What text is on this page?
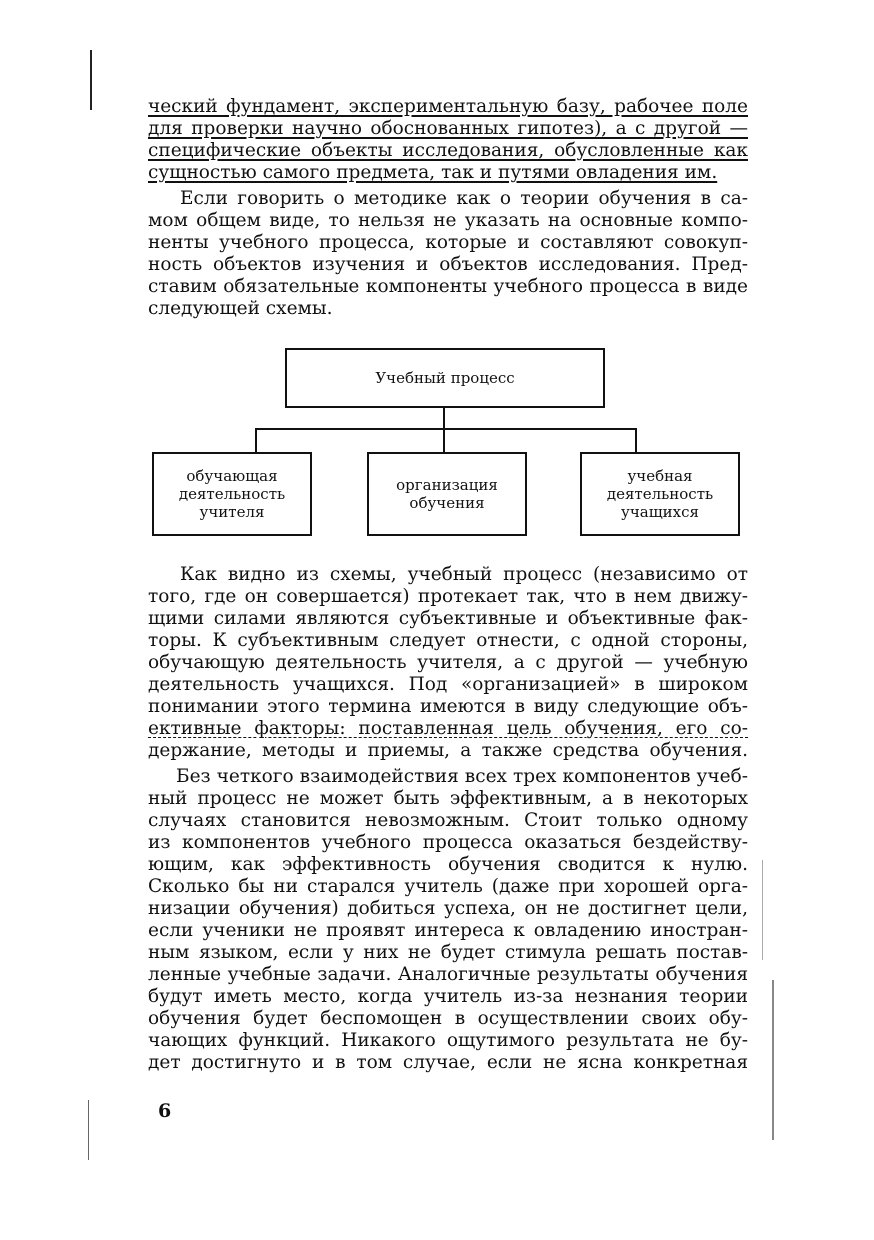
ческий фундамент, экспериментальную базу, рабочее поле
для проверки научно обоснованных гипотез), а с другой —
специфические объекты исследования, обусловленные как
сущностью самого предмета, так и путями овладения им.
Если говорить о методике как о теории обучения в са-
мом общем виде, то нельзя не указать на основные компо-
ненты учебного процесса, которые и составляют совокуп-
ность объектов изучения и объектов исследования. Пред-
ставим обязательные компоненты учебного процесса в виде
следующей схемы.
Учебный процесс
обучающая
деятельность
учителя
организация
обучения
учебная
деятельность
учащихся
Как видно из схемы, учебный процесс (независимо от
того, где он совершается) протекает так, что в нем движу-
щими силами являются субъективные и объективные фак-
торы. К субъективным следует отнести, с одной стороны,
обучающую деятельность учителя, а с другой — учебную
деятельность учащихся. Под «организацией» в широком
понимании этого термина имеются в виду следующие объ-
ективные факторы: поставленная цель обучения, его со-
держание, методы и приемы, а также средства обучения.
Без четкого взаимодействия всех трех компонентов учеб-
ный процесс не может быть эффективным, а в некоторых
случаях становится невозможным. Стоит только одному
из компонентов учебного процесса оказаться бездейству-
ющим, как эффективность обучения сводится к нулю.
Сколько бы ни старался учитель (даже при хорошей орга-
низации обучения) добиться успеха, он не достигнет цели,
если ученики не проявят интереса к овладению иностран-
ным языком, если у них не будет стимула решать постав-
ленные учебные задачи. Аналогичные результаты обучения
будут иметь место, когда учитель из-за незнания теории
обучения будет беспомощен в осуществлении своих обу-
чающих функций. Никакого ощутимого результата не бу-
дет достигнуто и в том случае, если не ясна конкретная
6
